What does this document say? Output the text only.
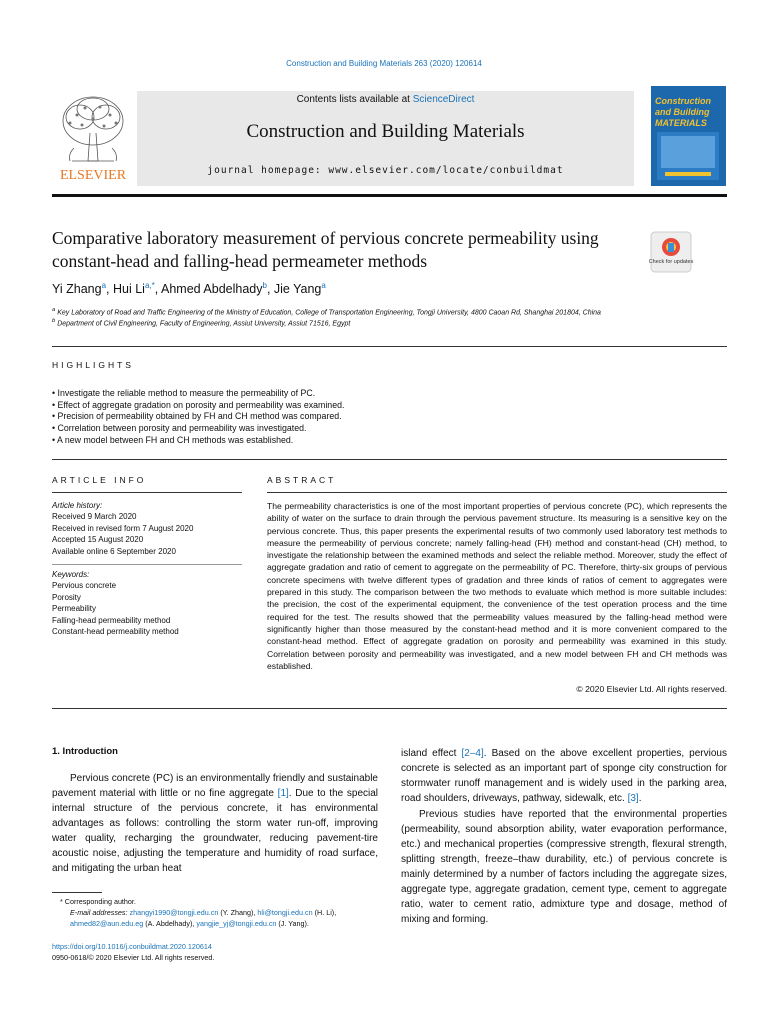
Construction and Building Materials 263 (2020) 120614
ELSEVIER
Contents lists available at ScienceDirect
Construction and Building Materials
journal homepage: www.elsevier.com/locate/conbuildmat
Construction and Building MATERIALS
Comparative laboratory measurement of pervious concrete permeability using constant-head and falling-head permeameter methods	Check for updates
Yi Zhang$^a$, Hui $Li^{a,*}$, Ahmed Abdelhady$^b$, Jie Yang$^a$
$^a$ Key Laboratory of Road and Traffic Engineering of the Ministry of Education, College of Transportation Engineering, Tongji University, 4800 Caoan Rd, Shanghai 201804, China
$^b$ Department of Civil Engineering, Faculty of Engineering, Assiut University, Assiut 71516, Egypt
HIGHLIGHTS
• Investigate the reliable method to measure the permeability of PC.
• Effect of aggregate gradation on porosity and permeability was examined.
• Precision of permeability obtained by FH and CH method was compared.
• Correlation between porosity and permeability was investigated.
• A new model between FH and CH methods was established.
ARTICLE INFO
Article history:
Received 9 March 2020
Received in revised form 7 August 2020
Accepted 15 August 2020
Available online 6 September 2020
Keywords:
Pervious concrete
Porosity
Permeability
Falling-head permeability method
Constant-head permeability method
ABSTRACT
The permeability characteristics is one of the most important properties of pervious concrete (PC), which represents the ability of water on the surface to drain through the pervious pavement structure. Its measuring is a sensitive key on the pervious concrete. Thus, this paper presents the experimental results of two commonly used laboratory test methods to measure the permeability of pervious concrete; namely falling-head (FH) method and constant-head (CH) method, to investigate the relationship between the examined methods and select the reliable method. Moreover, study the effect of aggregate gradation and ratio of cement to aggregate on the permeability of PC. Therefore, thirty-six groups of pervious concrete specimens with twelve different types of gradation and three kinds of ratios of cement to aggregates were prepared in this study. The comparison between the two methods to evaluate which method is more suitable includes: the precision, the cost of the experimental equipment, the convenience of the test operation process and the time required for the test. The results showed that the permeability values measured by the falling-head method were significantly higher than those measured by the constant-head method and it is more convenient compared to the constant-head method. Effect of aggregate gradation on porosity and permeability was examined in this study. Correlation between porosity and permeability was investigated, and a new model between FH and CH methods was established.
© 2020 Elsevier Ltd. All rights reserved.
1. Introduction

Pervious concrete (PC) is an environmentally friendly and sustainable pavement material with little or no fine aggregate [1]. Due to the special internal structure of the pervious concrete, it has environmental advantages as follows: controlling the storm water run-off, improving water quality, recharging the groundwater, reducing pavement-tire acoustic noise, adjusting the temperature and humidity of road surface, and mitigating the urban heat

island effect [2–4]. Based on the above excellent properties, pervious concrete is selected as an important part of sponge city construction for stormwater runoff management and is widely used in the parking area, road shoulders, driveways, pathway, sidewalk, etc. [3].

Previous studies have reported that the environmental properties (permeability, sound absorption ability, water evaporation performance, etc.) and mechanical properties (compressive strength, flexural strength, splitting strength, freeze–thaw durability, etc.) of pervious concrete is mainly determined by a number of factors including the aggregate sizes, aggregate type, aggregate gradation, cement type, cement to aggregate ratio, water to cement ratio, admixture type and dosage, method of mixing and forming.

* Corresponding author.
E-mail addresses: zhangyi1990@tongji.edu.cn (Y. Zhang), hli@tongji.edu.cn (H. Li), ahmed82@aun.edu.eg (A. Abdelhady), yangjie_yj@tongji.edu.cn (J. Yang).
https://doi.org/10.1016/j.conbuildmat.2020.120614
0950-0618/© 2020 Elsevier Ltd. All rights reserved.
